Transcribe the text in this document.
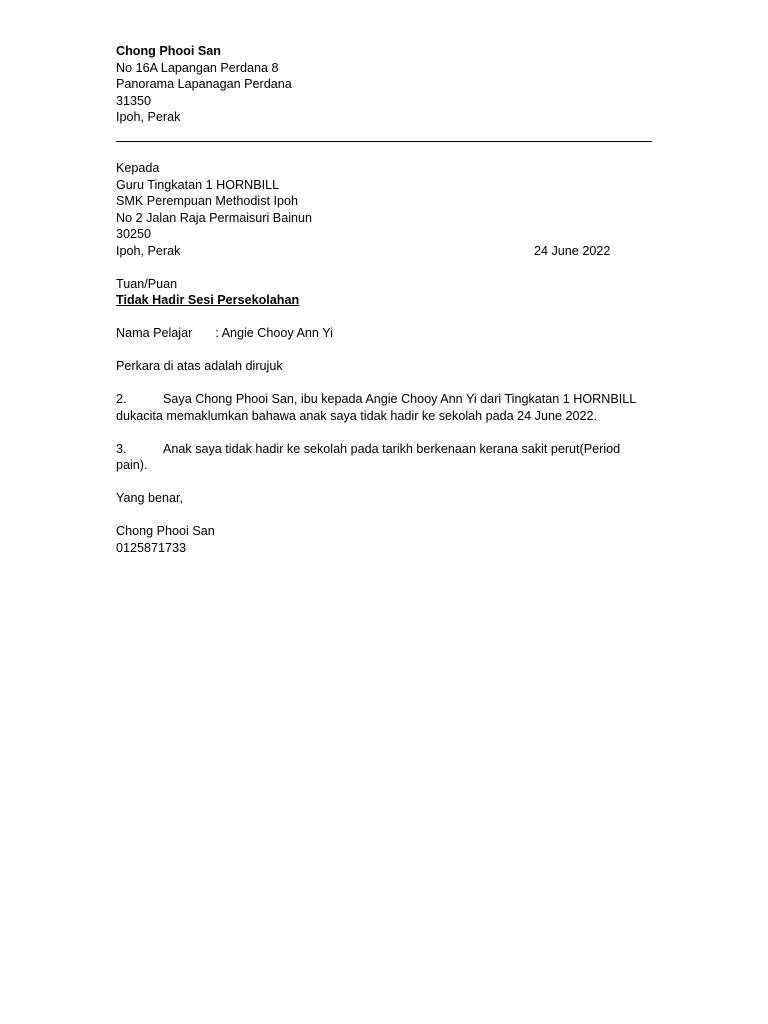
Chong Phooi San
No 16A Lapangan Perdana 8
Panorama Lapanagan Perdana
31350
Ipoh, Perak
Kepada
Guru Tingkatan 1 HORNBILL
SMK Perempuan Methodist Ipoh
No 2 Jalan Raja Permaisuri Bainun
30250
Ipoh, Perak	24 June 2022
Tuan/Puan
Tidak Hadir Sesi Persekolahan
Nama Pelajar : Angie Chooy Ann Yi
Perkara di atas adalah dirujuk
2.	Saya Chong Phooi San, ibu kepada Angie Chooy Ann Yi dari Tingkatan 1 HORNBILL
dukacita memaklumkan bahawa anak saya tidak hadir ke sekolah pada 24 June 2022.
3.	Anak saya tidak hadir ke sekolah pada tarikh berkenaan kerana sakit perut(Period
pain).
Yang benar,
Chong Phooi San
0125871733
